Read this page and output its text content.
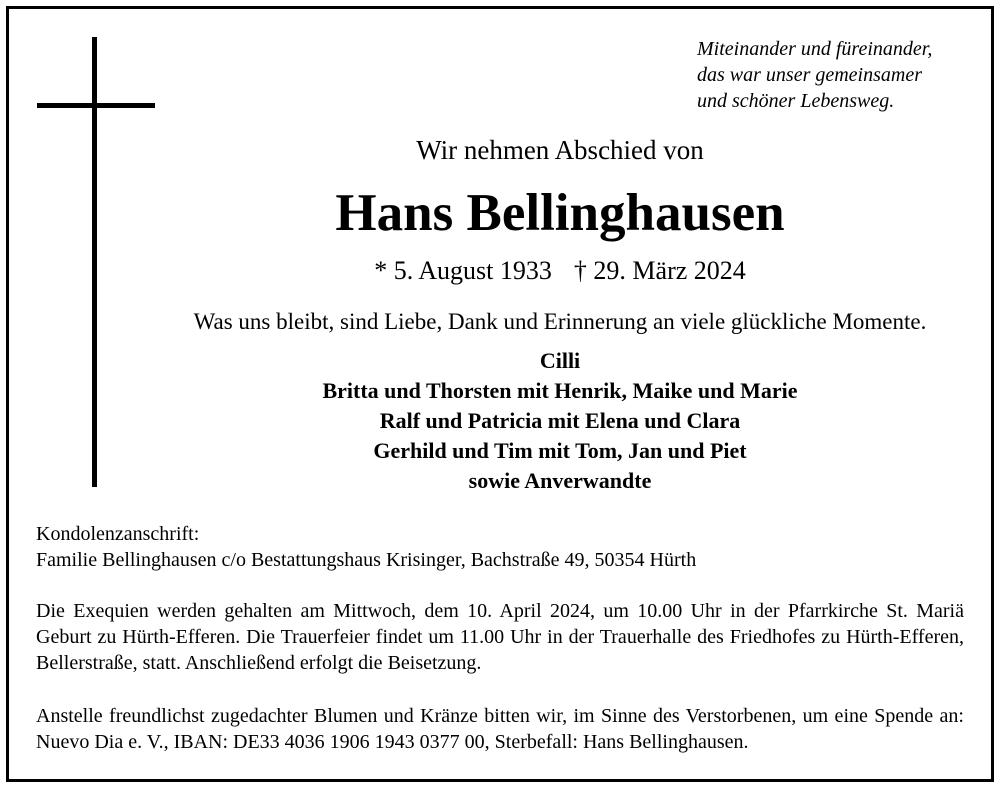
Miteinander und füreinander,
das war unser gemeinsamer
und schöner Lebensweg.

Wir nehmen Abschied von

Hans Bellinghausen

* 5. August 1933 † 29. März 2024

Was uns bleibt, sind Liebe, Dank und Erinnerung an viele glückliche Momente.

Cilli
Britta und Thorsten mit Henrik, Maike und Marie
Ralf und Patricia mit Elena und Clara
Gerhild und Tim mit Tom, Jan und Piet
sowie Anverwandte

Kondolenzanschrift:
Familie Bellinghausen c/o Bestattungshaus Krisinger, Bachstraße 49, 50354 Hürth

Die Exequien werden gehalten am Mittwoch, dem 10. April 2024, um 10.00 Uhr in der Pfarrkirche St. Mariä Geburt zu Hürth-Efferen. Die Trauerfeier findet um 11.00 Uhr in der Trauerhalle des Friedhofes zu Hürth-Efferen, Bellerstraße, statt. Anschließend erfolgt die Beisetzung.

Anstelle freundlichst zugedachter Blumen und Kränze bitten wir, im Sinne des Verstorbenen, um eine Spende an: Nuevo Dia e. V., IBAN: DE33 4036 1906 1943 0377 00, Sterbefall: Hans Bellinghausen.
